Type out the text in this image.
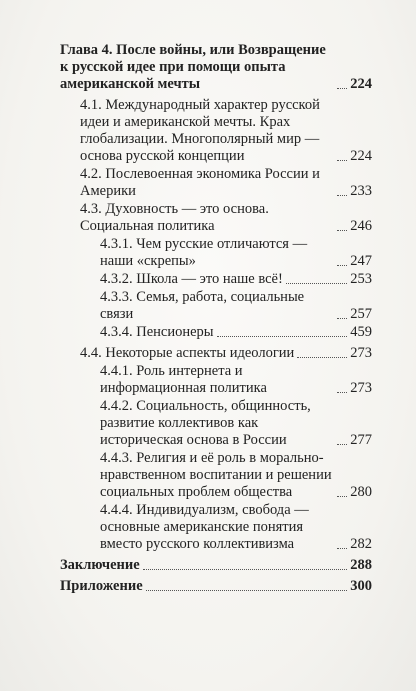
Глава 4. После войны, или Возвращение к русской идее при помощи опыта американской мечты	224
4.1. Международный характер русской идеи и американской мечты. Крах глобализации. Многополярный мир — основа русской концепции	224
4.2. Послевоенная экономика России и Америки	233
4.3. Духовность — это основа. Социальная политика	246
4.3.1. Чем русские отличаются — наши «скрепы»	247
4.3.2. Школа — это наше всё!	253
4.3.3. Семья, работа, социальные связи	257
4.3.4. Пенсионеры	459
4.4. Некоторые аспекты идеологии	273
4.4.1. Роль интернета и информационная политика	273
4.4.2. Социальность, общинность, развитие коллективов как историческая основа в России	277
4.4.3. Религия и её роль в морально-нравственном воспитании и решении социальных проблем общества	280
4.4.4. Индивидуализм, свобода — основные американские понятия вместо русского коллективизма	282
Заключение	288
Приложение	300
